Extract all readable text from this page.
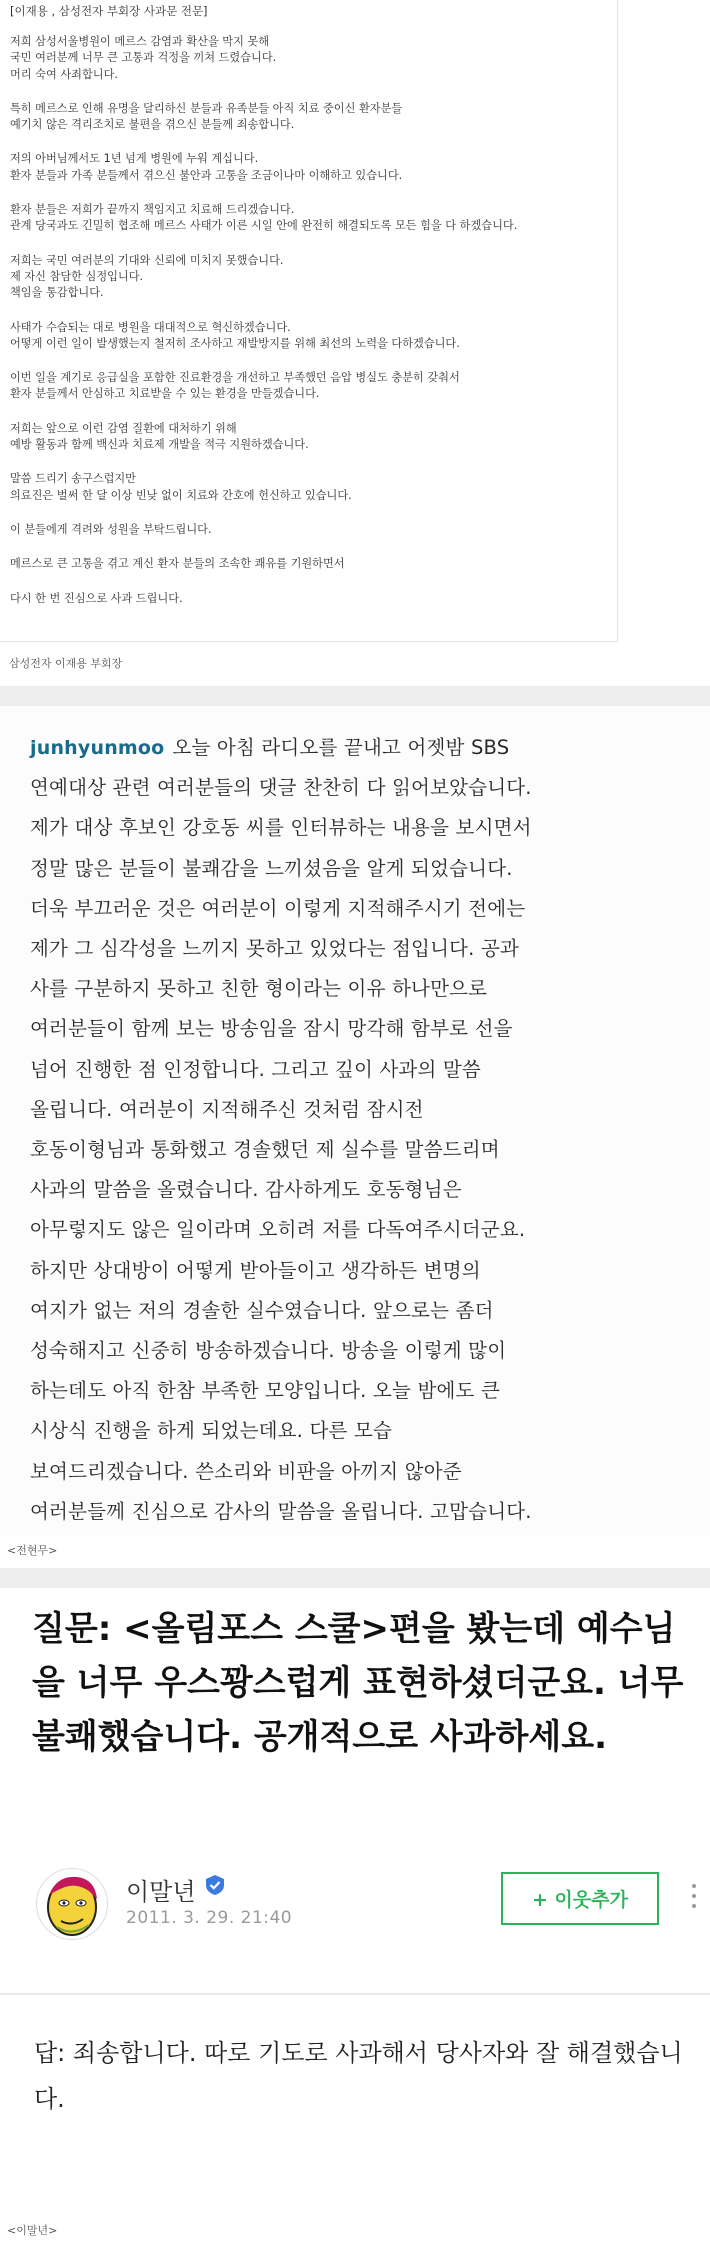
[이재용 , 삼성전자 부회장 사과문 전문]
저희 삼성서울병원이 메르스 감염과 확산을 막지 못해
국민 여러분께 너무 큰 고통과 걱정을 끼쳐 드렸습니다.
머리 숙여 사죄합니다.
특히 메르스로 인해 유명을 달리하신 분들과 유족분들 아직 치료 중이신 환자분들
예기치 않은 격리조치로 불편을 겪으신 분들께 죄송합니다.
저의 아버님께서도 1년 넘게 병원에 누워 계십니다.
환자 분들과 가족 분들께서 겪으신 불안과 고통을 조금이나마 이해하고 있습니다.
환자 분들은 저희가 끝까지 책임지고 치료해 드리겠습니다.
관계 당국과도 긴밀히 협조해 메르스 사태가 이른 시일 안에 완전히 해결되도록 모든 힘을 다 하겠습니다.
저희는 국민 여러분의 기대와 신뢰에 미치지 못했습니다.
제 자신 참담한 심정입니다.
책임을 통감합니다.
사태가 수습되는 대로 병원을 대대적으로 혁신하겠습니다.
어떻게 이런 일이 발생했는지 철저히 조사하고 재발방지를 위해 최선의 노력을 다하겠습니다.
이번 일을 계기로 응급실을 포함한 진료환경을 개선하고 부족했던 음압 병실도 충분히 갖춰서
환자 분들께서 안심하고 치료받을 수 있는 환경을 만들겠습니다.
저희는 앞으로 이런 감염 질환에 대처하기 위해
예방 활동과 함께 백신과 치료제 개발을 적극 지원하겠습니다.
말씀 드리기 송구스럽지만
의료진은 벌써 한 달 이상 빈낮 없이 치료와 간호에 헌신하고 있습니다.
이 분들에게 격려와 성원을 부탁드립니다.
메르스로 큰 고통을 겪고 계신 환자 분들의 조속한 쾌유를 기원하면서
다시 한 번 진심으로 사과 드립니다.
삼성전자 이재용 부회장
junhyunmoo 오늘 아침 라디오를 끝내고 어젯밤 SBS
연예대상 관련 여러분들의 댓글 찬찬히 다 읽어보았습니다.
제가 대상 후보인 강호동 씨를 인터뷰하는 내용을 보시면서
정말 많은 분들이 불쾌감을 느끼셨음을 알게 되었습니다.
더욱 부끄러운 것은 여러분이 이렇게 지적해주시기 전에는
제가 그 심각성을 느끼지 못하고 있었다는 점입니다. 공과
사를 구분하지 못하고 친한 형이라는 이유 하나만으로
여러분들이 함께 보는 방송임을 잠시 망각해 함부로 선을
넘어 진행한 점 인정합니다. 그리고 깊이 사과의 말씀
올립니다. 여러분이 지적해주신 것처럼 잠시전
호동이형님과 통화했고 경솔했던 제 실수를 말씀드리며
사과의 말씀을 올렸습니다. 감사하게도 호동형님은
아무렇지도 않은 일이라며 오히려 저를 다독여주시더군요.
하지만 상대방이 어떻게 받아들이고 생각하든 변명의
여지가 없는 저의 경솔한 실수였습니다. 앞으로는 좀더
성숙해지고 신중히 방송하겠습니다. 방송을 이렇게 많이
하는데도 아직 한참 부족한 모양입니다. 오늘 밤에도 큰
시상식 진행을 하게 되었는데요. 다른 모습
보여드리겠습니다. 쓴소리와 비판을 아끼지 않아준
여러분들께 진심으로 감사의 말씀을 올립니다. 고맙습니다.
<전현무>
질문: <올림포스 스쿨>편을 봤는데 예수님을 너무 우스꽝스럽게 표현하셨더군요. 너무 불쾌했습니다. 공개적으로 사과하세요.
이말년
2011. 3. 29. 21:40
+ 이웃추가
답: 죄송합니다. 따로 기도로 사과해서 당사자와 잘 해결했습니다.
<이말년>
